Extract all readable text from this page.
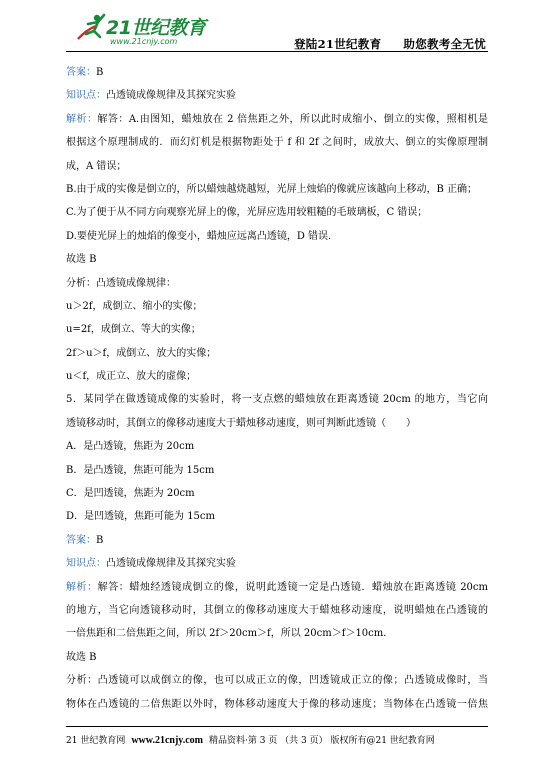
21世纪教育
www.21cnjy.com	登陆21世纪教育 助您教考全无忧
答案：B
知识点：凸透镜成像规律及其探究实验
解析：解答：A.由图知，蜡烛放在 2 倍焦距之外，所以此时成缩小、倒立的实像，照相机是
根据这个原理制成的．而幻灯机是根据物距处于 f 和 2f 之间时，成放大、倒立的实像原理制
成，A 错误；
B.由于成的实像是倒立的，所以蜡烛越烧越短，光屏上烛焰的像就应该越向上移动，B 正确；
C.为了便于从不同方向观察光屏上的像，光屏应选用较粗糙的毛玻璃板，C 错误；
D.要使光屏上的烛焰的像变小，蜡烛应远离凸透镜，D 错误．
故选 B
分析：凸透镜成像规律：
u＞2f，成倒立、缩小的实像；
u=2f，成倒立、等大的实像；
2f＞u＞f，成倒立、放大的实像；
u＜f，成正立、放大的虚像；
5．某同学在做透镜成像的实验时，将一支点燃的蜡烛放在距离透镜 20cm 的地方，当它向
透镜移动时，其倒立的像移动速度大于蜡烛移动速度，则可判断此透镜（　　）
A．是凸透镜，焦距为 20cm
B．是凸透镜，焦距可能为 15cm
C．是凹透镜，焦距为 20cm
D．是凹透镜，焦距可能为 15cm
答案：B
知识点：凸透镜成像规律及其探究实验
解析：解答：蜡烛经透镜成倒立的像，说明此透镜一定是凸透镜．蜡烛放在距离透镜 20cm
的地方，当它向透镜移动时，其倒立的像移动速度大于蜡烛移动速度，说明蜡烛在凸透镜的
一倍焦距和二倍焦距之间，所以 2f＞20cm＞f，所以 20cm＞f＞10cm．
故选 B
分析：凸透镜可以成倒立的像，也可以成正立的像，凹透镜成正立的像；凸透镜成像时，当
物体在凸透镜的二倍焦距以外时，物体移动速度大于像的移动速度；当物体在凸透镜一倍焦
21 世纪教育网 www.21cnjy.com 精品资料·第 3 页 （共 3 页） 版权所有@21 世纪教育网
